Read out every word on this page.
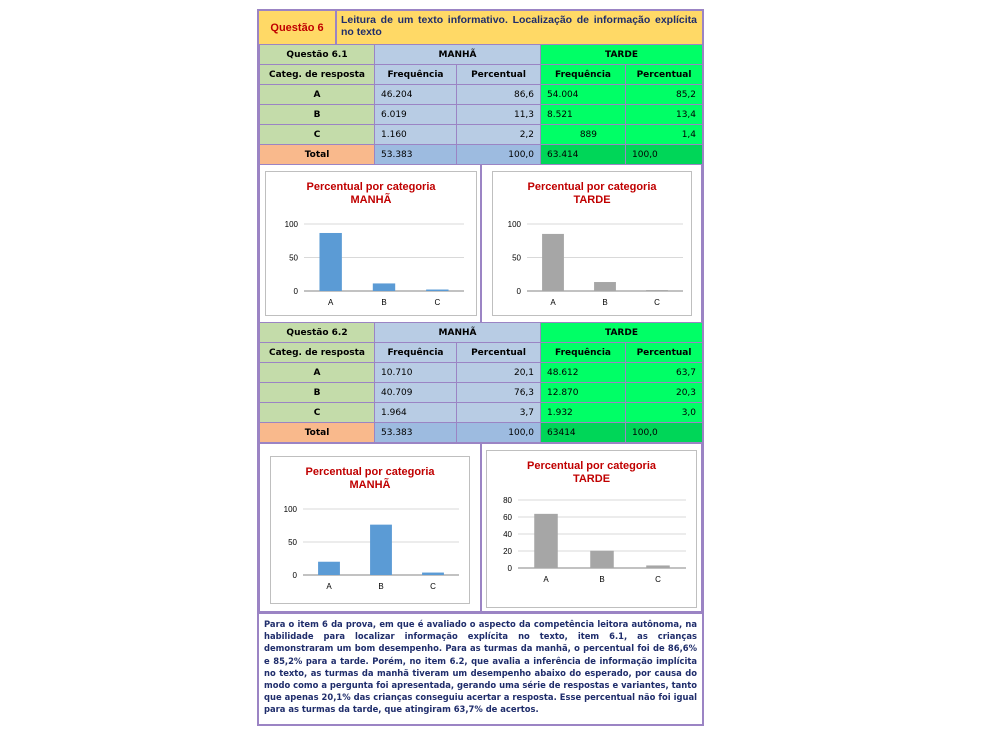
Questão 6
Leitura de um texto informativo. Localização de informação explícita no texto
Questão 6.1	MANHÃ		TARDE	
Categ. de resposta	Frequência	Percentual	Frequência	Percentual
A	46.204	86,6	54.004	85,2
B	6.019	11,3	8.521	13,4
C	1.160	2,2	889	1,4
Total	53.383	100,0	63.414	100,0
Percentual por categoria
MANHÃ
0
50
100
A	B	C
Percentual por categoria
TARDE
0
50
100
A	B	C
Questão 6.2	MANHÃ		TARDE	
Categ. de resposta	Frequência	Percentual	Frequência	Percentual
A	10.710	20,1	48.612	63,7
B	40.709	76,3	12.870	20,3
C	1.964	3,7	1.932	3,0
Total	53.383	100,0	63414	100,0
Percentual por categoria
MANHÃ
0
50
100
A	B	C
Percentual por categoria
TARDE
0
20
40
60
80
A	B	C
Para o item 6 da prova, em que é avaliado o aspecto da competência leitora autônoma, na habilidade para localizar informação explícita no texto, item 6.1, as crianças demonstraram um bom desempenho. Para as turmas da manhã, o percentual foi de 86,6% e 85,2% para a tarde. Porém, no item 6.2, que avalia a inferência de informação implícita no texto, as turmas da manhã tiveram um desempenho abaixo do esperado, por causa do modo como a pergunta foi apresentada, gerando uma série de respostas e variantes, tanto que apenas 20,1% das crianças conseguiu acertar a resposta. Esse percentual não foi igual para as turmas da tarde, que atingiram 63,7% de acertos.
